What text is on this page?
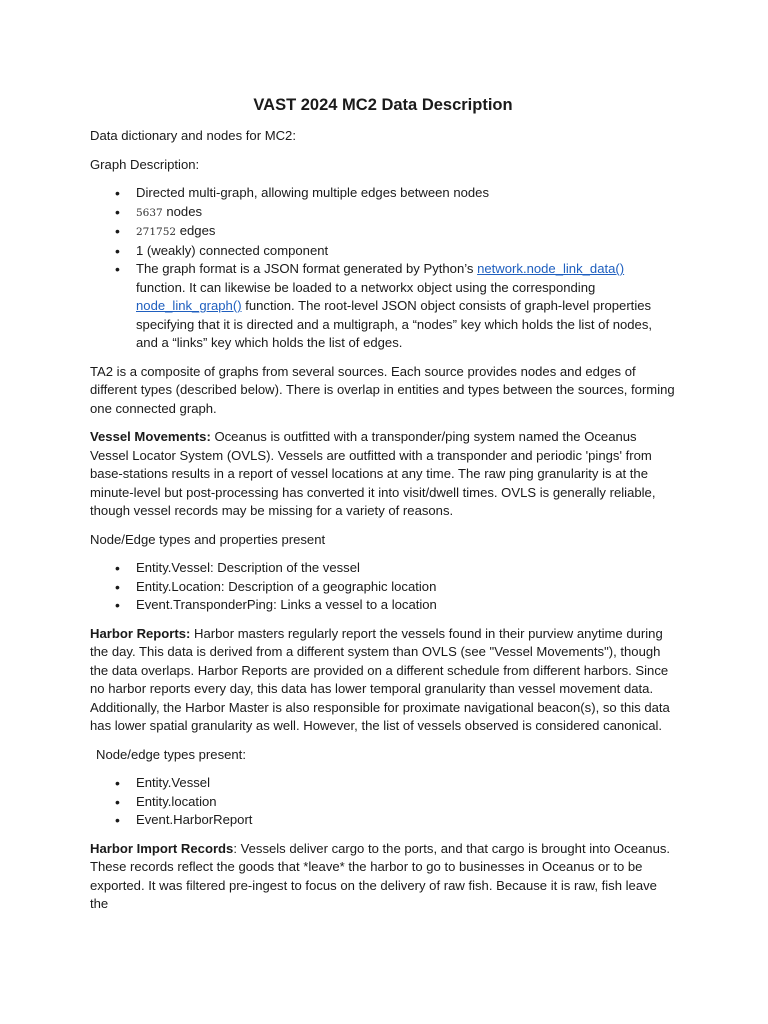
VAST 2024 MC2 Data Description

Data dictionary and nodes for MC2:

Graph Description:

• Directed multi-graph, allowing multiple edges between nodes
• 5637 nodes
• 271752 edges
• 1 (weakly) connected component
• The graph format is a JSON format generated by Python’s network.node_link_data() function. It can likewise be loaded to a networkx object using the corresponding node_link_graph() function. The root-level JSON object consists of graph-level properties specifying that it is directed and a multigraph, a “nodes” key which holds the list of nodes, and a “links” key which holds the list of edges.

TA2 is a composite of graphs from several sources. Each source provides nodes and edges of different types (described below). There is overlap in entities and types between the sources, forming one connected graph.

Vessel Movements: Oceanus is outfitted with a transponder/ping system named the Oceanus Vessel Locator System (OVLS). Vessels are outfitted with a transponder and periodic 'pings' from base-stations results in a report of vessel locations at any time. The raw ping granularity is at the minute-level but post-processing has converted it into visit/dwell times. OVLS is generally reliable, though vessel records may be missing for a variety of reasons.

Node/Edge types and properties present

• Entity.Vessel: Description of the vessel
• Entity.Location: Description of a geographic location
• Event.TransponderPing: Links a vessel to a location

Harbor Reports: Harbor masters regularly report the vessels found in their purview anytime during the day. This data is derived from a different system than OVLS (see "Vessel Movements"), though the data overlaps. Harbor Reports are provided on a different schedule from different harbors. Since no harbor reports every day, this data has lower temporal granularity than vessel movement data. Additionally, the Harbor Master is also responsible for proximate navigational beacon(s), so this data has lower spatial granularity as well. However, the list of vessels observed is considered canonical.

Node/edge types present:

• Entity.Vessel
• Entity.location
• Event.HarborReport

Harbor Import Records: Vessels deliver cargo to the ports, and that cargo is brought into Oceanus. These records reflect the goods that *leave* the harbor to go to businesses in Oceanus or to be exported. It was filtered pre-ingest to focus on the delivery of raw fish. Because it is raw, fish leave the
